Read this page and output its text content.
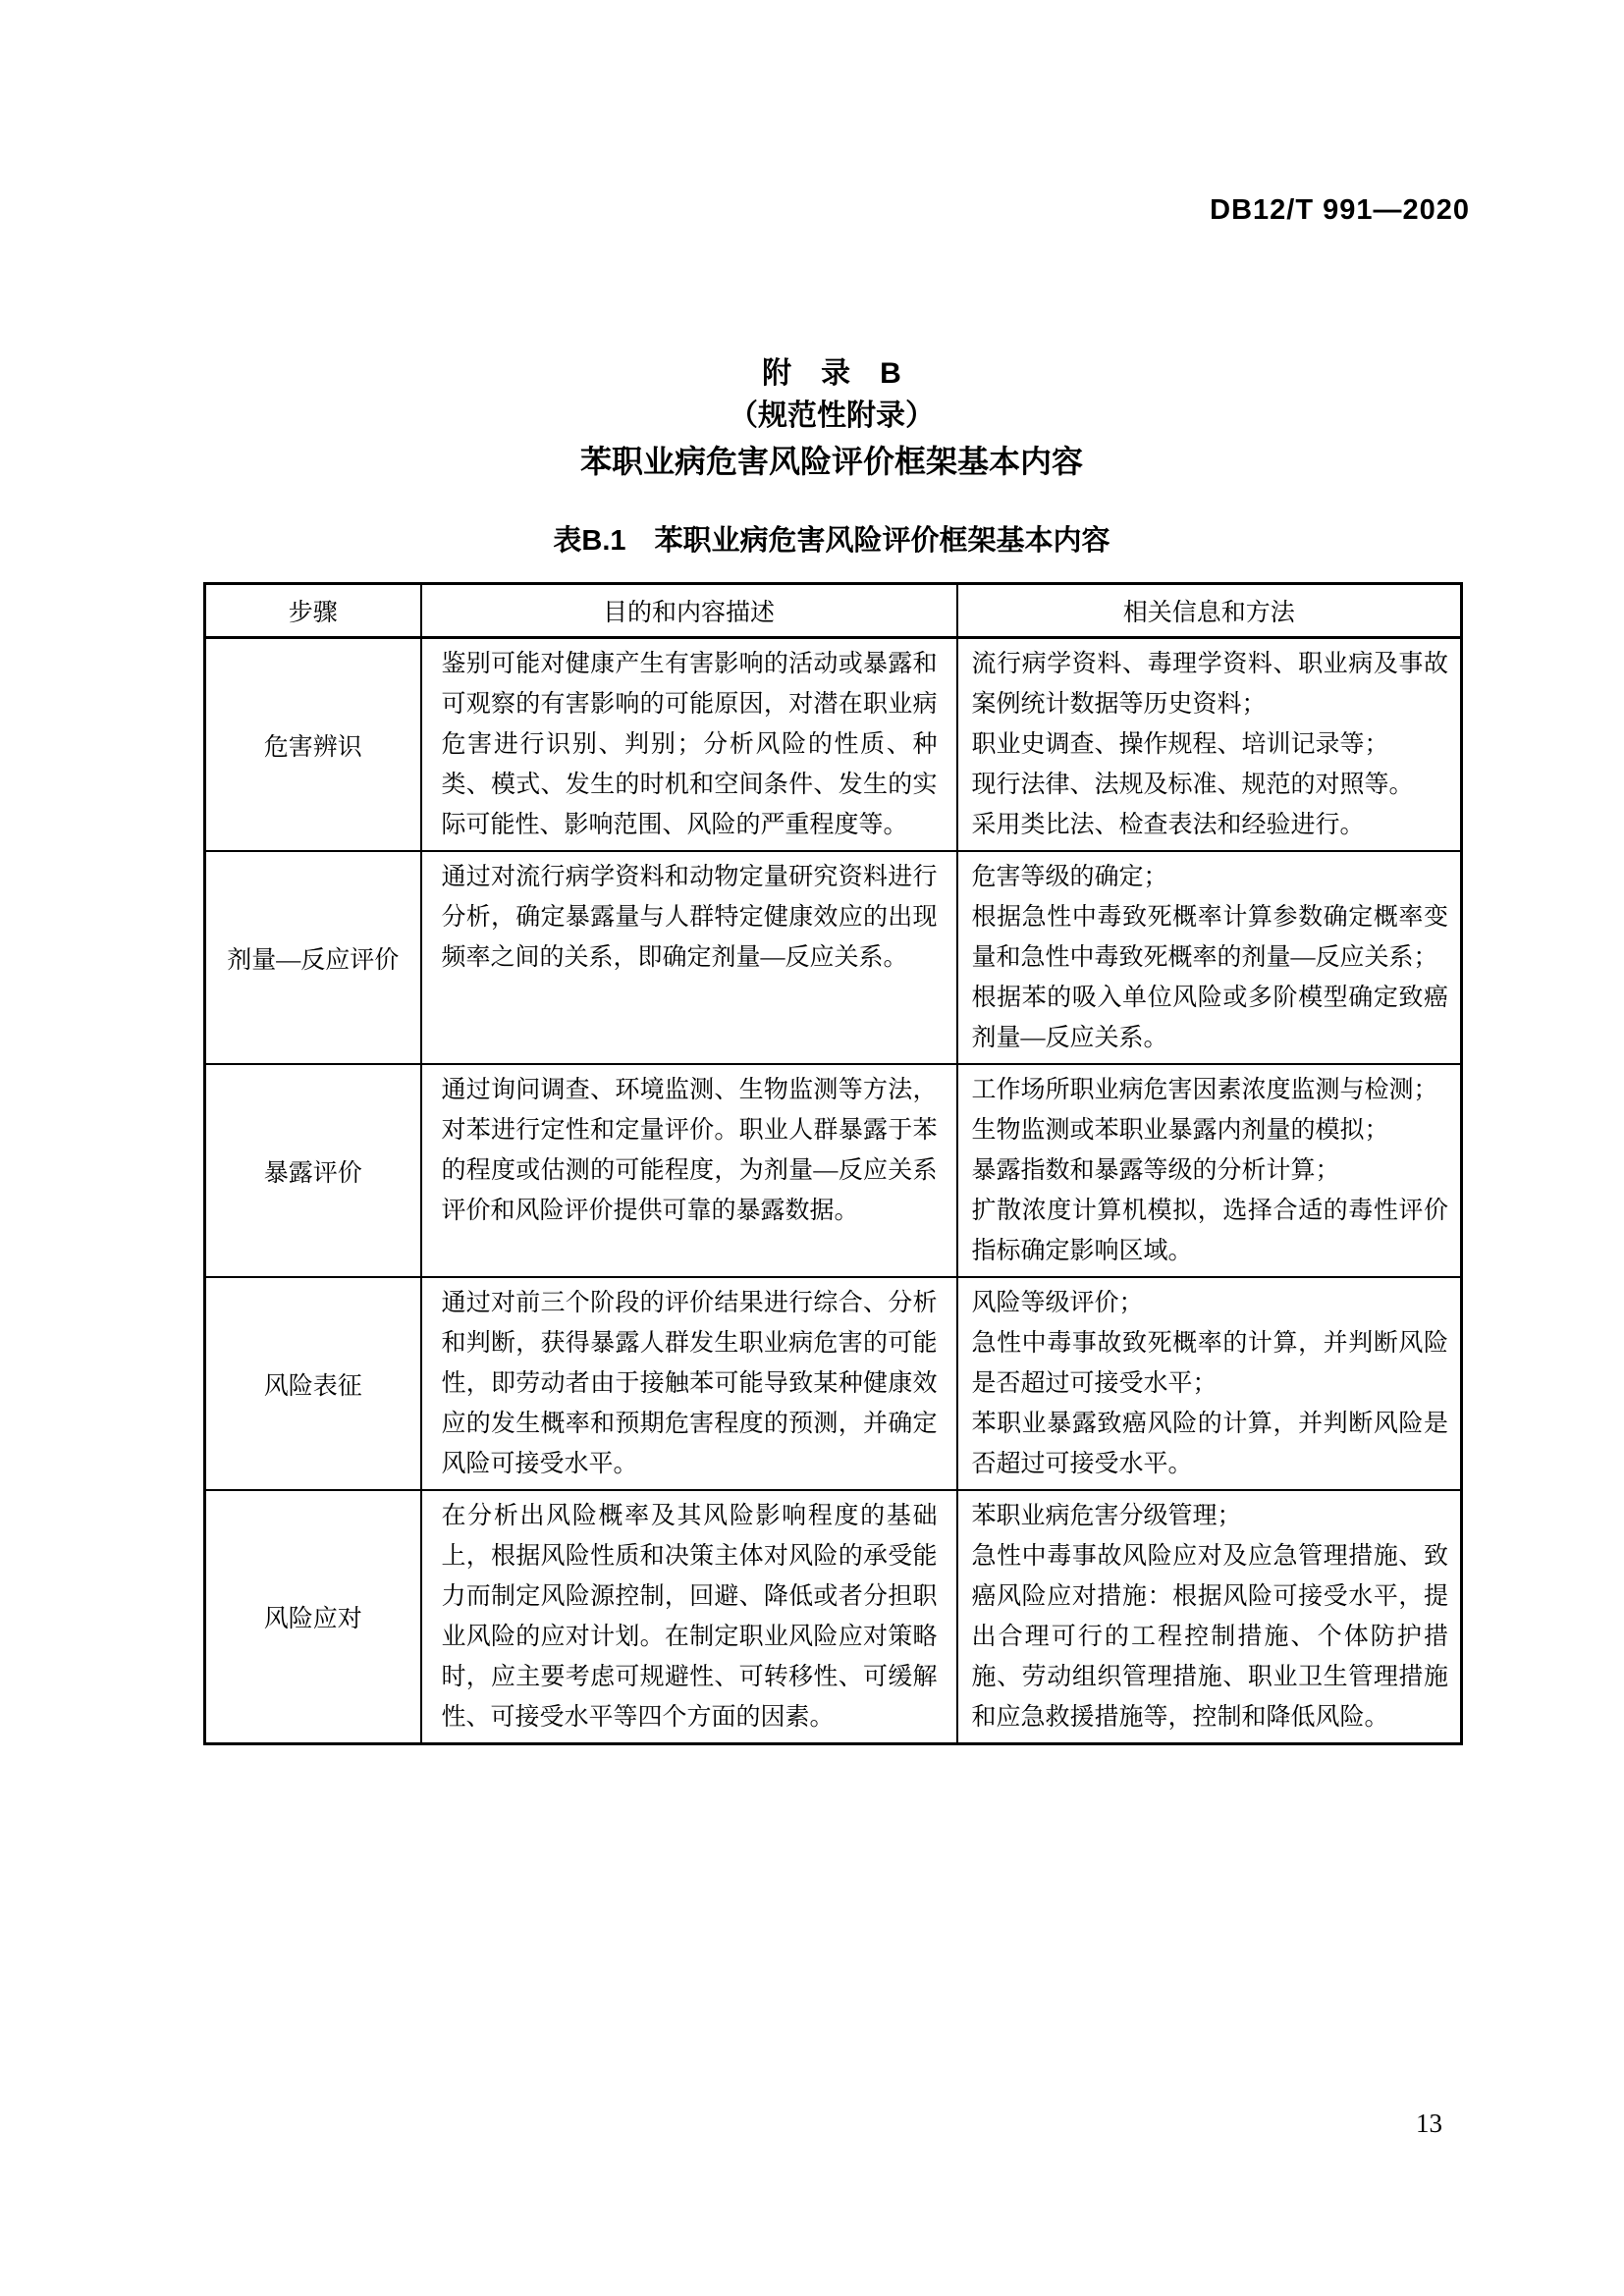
DB12/T 991—2020
附　录　B
（规范性附录）
苯职业病危害风险评价框架基本内容
表B.1　苯职业病危害风险评价框架基本内容
步骤	目的和内容描述	相关信息和方法
危害辨识	鉴别可能对健康产生有害影响的活动或暴露和可观察的有害影响的可能原因，对潜在职业病危害进行识别、判别；分析风险的性质、种类、模式、发生的时机和空间条件、发生的实际可能性、影响范围、风险的严重程度等。	流行病学资料、毒理学资料、职业病及事故案例统计数据等历史资料；
职业史调查、操作规程、培训记录等；
现行法律、法规及标准、规范的对照等。
采用类比法、检查表法和经验进行。

剂量—反应评价	通过对流行病学资料和动物定量研究资料进行分析，确定暴露量与人群特定健康效应的出现频率之间的关系，即确定剂量—反应关系。	危害等级的确定；
根据急性中毒致死概率计算参数确定概率变量和急性中毒致死概率的剂量—反应关系；
根据苯的吸入单位风险或多阶模型确定致癌剂量—反应关系。

暴露评价	通过询问调查、环境监测、生物监测等方法，对苯进行定性和定量评价。职业人群暴露于苯的程度或估测的可能程度，为剂量—反应关系评价和风险评价提供可靠的暴露数据。	工作场所职业病危害因素浓度监测与检测；
生物监测或苯职业暴露内剂量的模拟；
暴露指数和暴露等级的分析计算；
扩散浓度计算机模拟，选择合适的毒性评价指标确定影响区域。

风险表征	通过对前三个阶段的评价结果进行综合、分析和判断，获得暴露人群发生职业病危害的可能性，即劳动者由于接触苯可能导致某种健康效应的发生概率和预期危害程度的预测，并确定风险可接受水平。	风险等级评价；
急性中毒事故致死概率的计算，并判断风险是否超过可接受水平；
苯职业暴露致癌风险的计算，并判断风险是否超过可接受水平。

风险应对	在分析出风险概率及其风险影响程度的基础上，根据风险性质和决策主体对风险的承受能力而制定风险源控制，回避、降低或者分担职业风险的应对计划。在制定职业风险应对策略时，应主要考虑可规避性、可转移性、可缓解性、可接受水平等四个方面的因素。	苯职业病危害分级管理；
急性中毒事故风险应对及应急管理措施、致癌风险应对措施：根据风险可接受水平，提出合理可行的工程控制措施、个体防护措施、劳动组织管理措施、职业卫生管理措施和应急救援措施等，控制和降低风险。
13
